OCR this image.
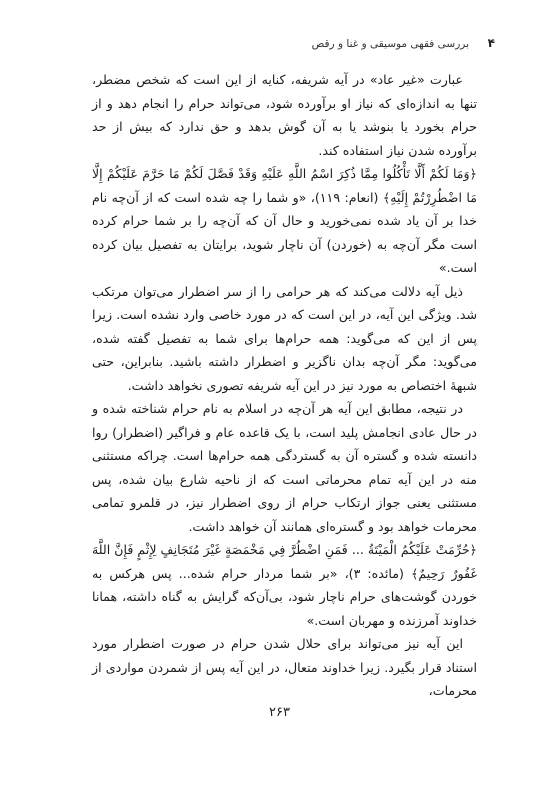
بررسی فقهی موسیقی و غنا و رقص ۴

عبارت «غیر عاد» در آیه شریفه، کنایه از این است که شخص مضطر، تنها به اندازه‌ای که نیاز او برآورده شود، می‌تواند حرام را انجام دهد و از حرام بخورد یا بنوشد یا به آن گوش بدهد و حق ندارد که بیش از حد برآورده شدن نیاز استفاده کند.

﴿وَمَا لَكُمْ أَلَّا تَأْكُلُوا مِمَّا ذُكِرَ اسْمُ اللَّهِ عَلَيْهِ وَقَدْ فَصَّلَ لَكُمْ مَا حَرَّمَ عَلَيْكُمْ إِلَّا مَا اضْطُرِرْتُمْ إِلَيْهِ﴾ (انعام: ۱۱۹)، «و شما را چه شده است که از آن‌چه نام خدا بر آن یاد شده نمی‌خورید و حال آن که آن‌چه را بر شما حرام کرده است مگر آن‌چه به (خوردن) آن ناچار شوید، برایتان به تفصیل بیان کرده است.»

ذیل آیه دلالت می‌کند که هر حرامی را از سر اضطرار می‌توان مرتکب شد. ویژگی این آیه، در این است که در مورد خاصی وارد نشده است. زیرا پس از این که می‌گوید: همه حرام‌ها برای شما به تفصیل گفته شده، می‌گوید: مگر آن‌چه بدان ناگزیر و اضطرار داشته باشید. بنابراین، حتی شبههٔ اختصاص به مورد نیز در این آیه شریفه تصوری نخواهد داشت.

در نتیجه، مطابق این آیه هر آن‌چه در اسلام به نام حرام شناخته شده و در حال عادی انجامش پلید است، با یک قاعده عام و فراگیر (اضطرار) روا دانسته شده و گستره آن به گستردگی همه حرام‌ها است. چراکه مستثنی منه در این آیه تمام محرماتی است که از ناحیه شارع بیان شده، پس مستثنی یعنی جواز ارتکاب حرام از روی اضطرار نیز، در قلمرو تمامی محرمات خواهد بود و گستره‌ای همانند آن خواهد داشت.

﴿حُرِّمَتْ عَلَيْكُمُ الْمَيْتَةُ ... فَمَنِ اضْطُرَّ فِي مَخْمَصَةٍ غَيْرَ مُتَجَانِفٍ لِإِثْمٍ فَإِنَّ اللَّهَ غَفُورٌ رَحِيمٌ﴾ (مائده: ۳)، «بر شما مردار حرام شده... پس هرکس به خوردن گوشت‌های حرام ناچار شود، بی‌آن‌که گرایش به گناه داشته، همانا خداوند آمرزنده و مهربان است.»

این آیه نیز می‌تواند برای حلال شدن حرام در صورت اضطرار مورد استناد قرار بگیرد. زیرا خداوند متعال، در این آیه پس از شمردن مواردی از محرمات،

۲۶۳
